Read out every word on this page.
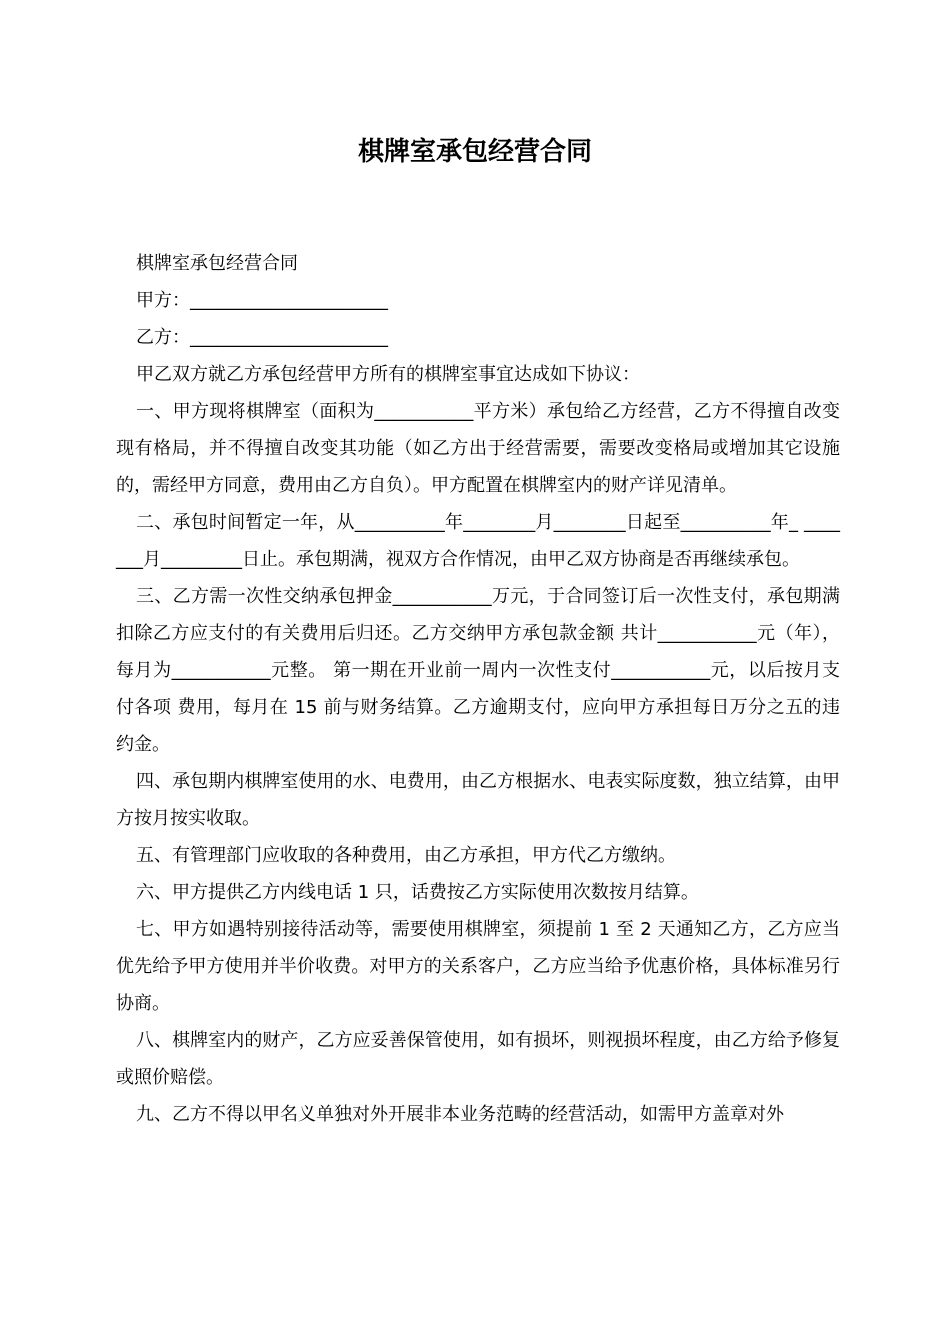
棋牌室承包经营合同

棋牌室承包经营合同

甲方：______________________

乙方：______________________

甲乙双方就乙方承包经营甲方所有的棋牌室事宜达成如下协议：

一、甲方现将棋牌室（面积为___________平方米）承包给乙方经营，乙方不得擅自改变现有格局，并不得擅自改变其功能（如乙方出于经营需要，需要改变格局或增加其它设施的，需经甲方同意，费用由乙方自负）。甲方配置在棋牌室内的财产详见清单。

二、承包时间暂定一年，从__________年________月________日起至__________年_ _______月_________日止。承包期满，视双方合作情况，由甲乙双方协商是否再继续承包。

三、乙方需一次性交纳承包押金___________万元，于合同签订后一次性支付，承包期满扣除乙方应支付的有关费用后归还。乙方交纳甲方承包款金额 共计___________元（年），每月为___________元整。 第一期在开业前一周内一次性支付___________元，以后按月支付各项 费用，每月在 15 前与财务结算。乙方逾期支付，应向甲方承担每日万分之五的违约金。

四、承包期内棋牌室使用的水、电费用，由乙方根据水、电表实际度数，独立结算，由甲方按月按实收取。

五、有管理部门应收取的各种费用，由乙方承担，甲方代乙方缴纳。

六、甲方提供乙方内线电话 1 只，话费按乙方实际使用次数按月结算。

七、甲方如遇特别接待活动等，需要使用棋牌室，须提前 1 至 2 天通知乙方，乙方应当优先给予甲方使用并半价收费。对甲方的关系客户，乙方应当给予优惠价格，具体标准另行协商。

八、棋牌室内的财产，乙方应妥善保管使用，如有损坏，则视损坏程度，由乙方给予修复或照价赔偿。

九、乙方不得以甲名义单独对外开展非本业务范畴的经营活动，如需甲方盖章对外
